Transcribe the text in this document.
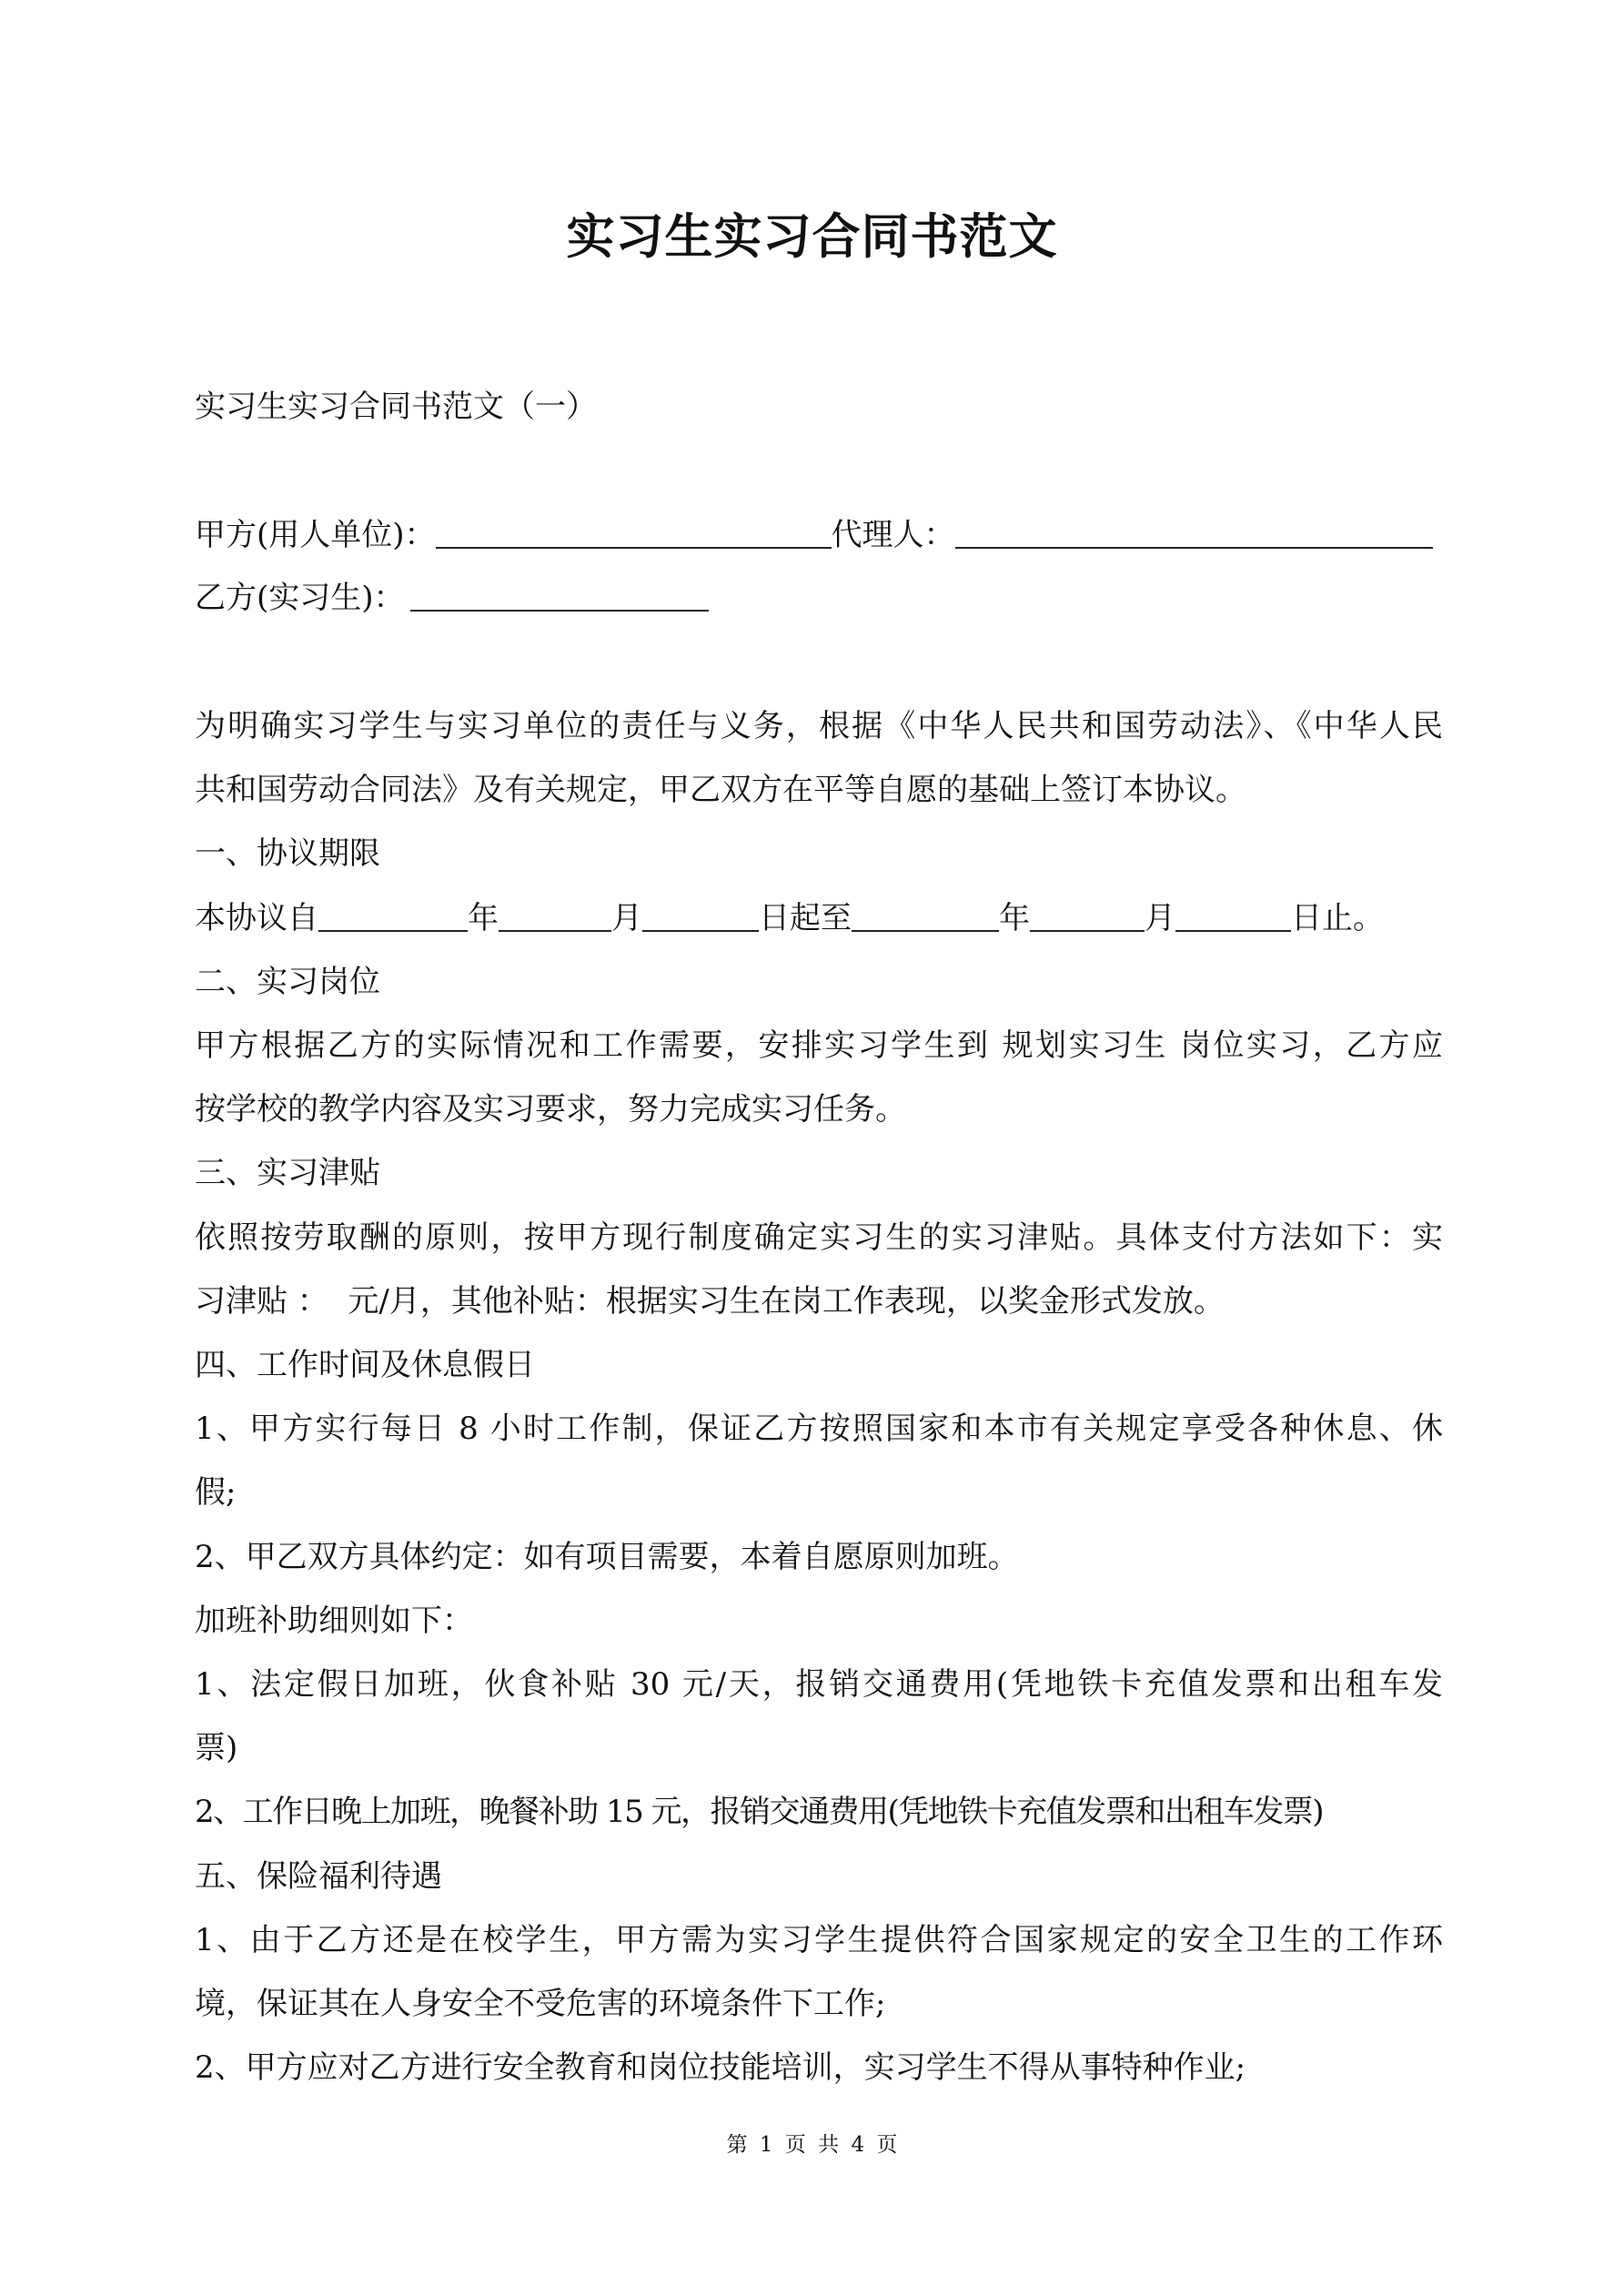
实习生实习合同书范文
实习生实习合同书范文（一）
甲方(用人单位)：	代理人：
乙方(实习生)：
为明确实习学生与实习单位的责任与义务，根据《中华人民共和国劳动法》、《中华人民
共和国劳动合同法》及有关规定，甲乙双方在平等自愿的基础上签订本协议。
一、协议期限
本协议自	年	月	日起至	年	月	日止。
二、实习岗位
甲方根据乙方的实际情况和工作需要，安排实习学生到 规划实习生 岗位实习，乙方应
按学校的教学内容及实习要求，努力完成实习任务。
三、实习津贴
依照按劳取酬的原则，按甲方现行制度确定实习生的实习津贴。具体支付方法如下：实
习津贴 ：  元/月，其他补贴：根据实习生在岗工作表现，以奖金形式发放。
四、工作时间及休息假日
1、甲方实行每日 8 小时工作制，保证乙方按照国家和本市有关规定享受各种休息、休
假;
2、甲乙双方具体约定：如有项目需要，本着自愿原则加班。
加班补助细则如下：
1、法定假日加班，伙食补贴 30 元/天，报销交通费用(凭地铁卡充值发票和出租车发
票)
2、工作日晚上加班，晚餐补助 15 元，报销交通费用(凭地铁卡充值发票和出租车发票)
五、保险福利待遇
1、由于乙方还是在校学生，甲方需为实习学生提供符合国家规定的安全卫生的工作环
境，保证其在人身安全不受危害的环境条件下工作;
2、甲方应对乙方进行安全教育和岗位技能培训，实习学生不得从事特种作业;
第 1 页 共 4 页
